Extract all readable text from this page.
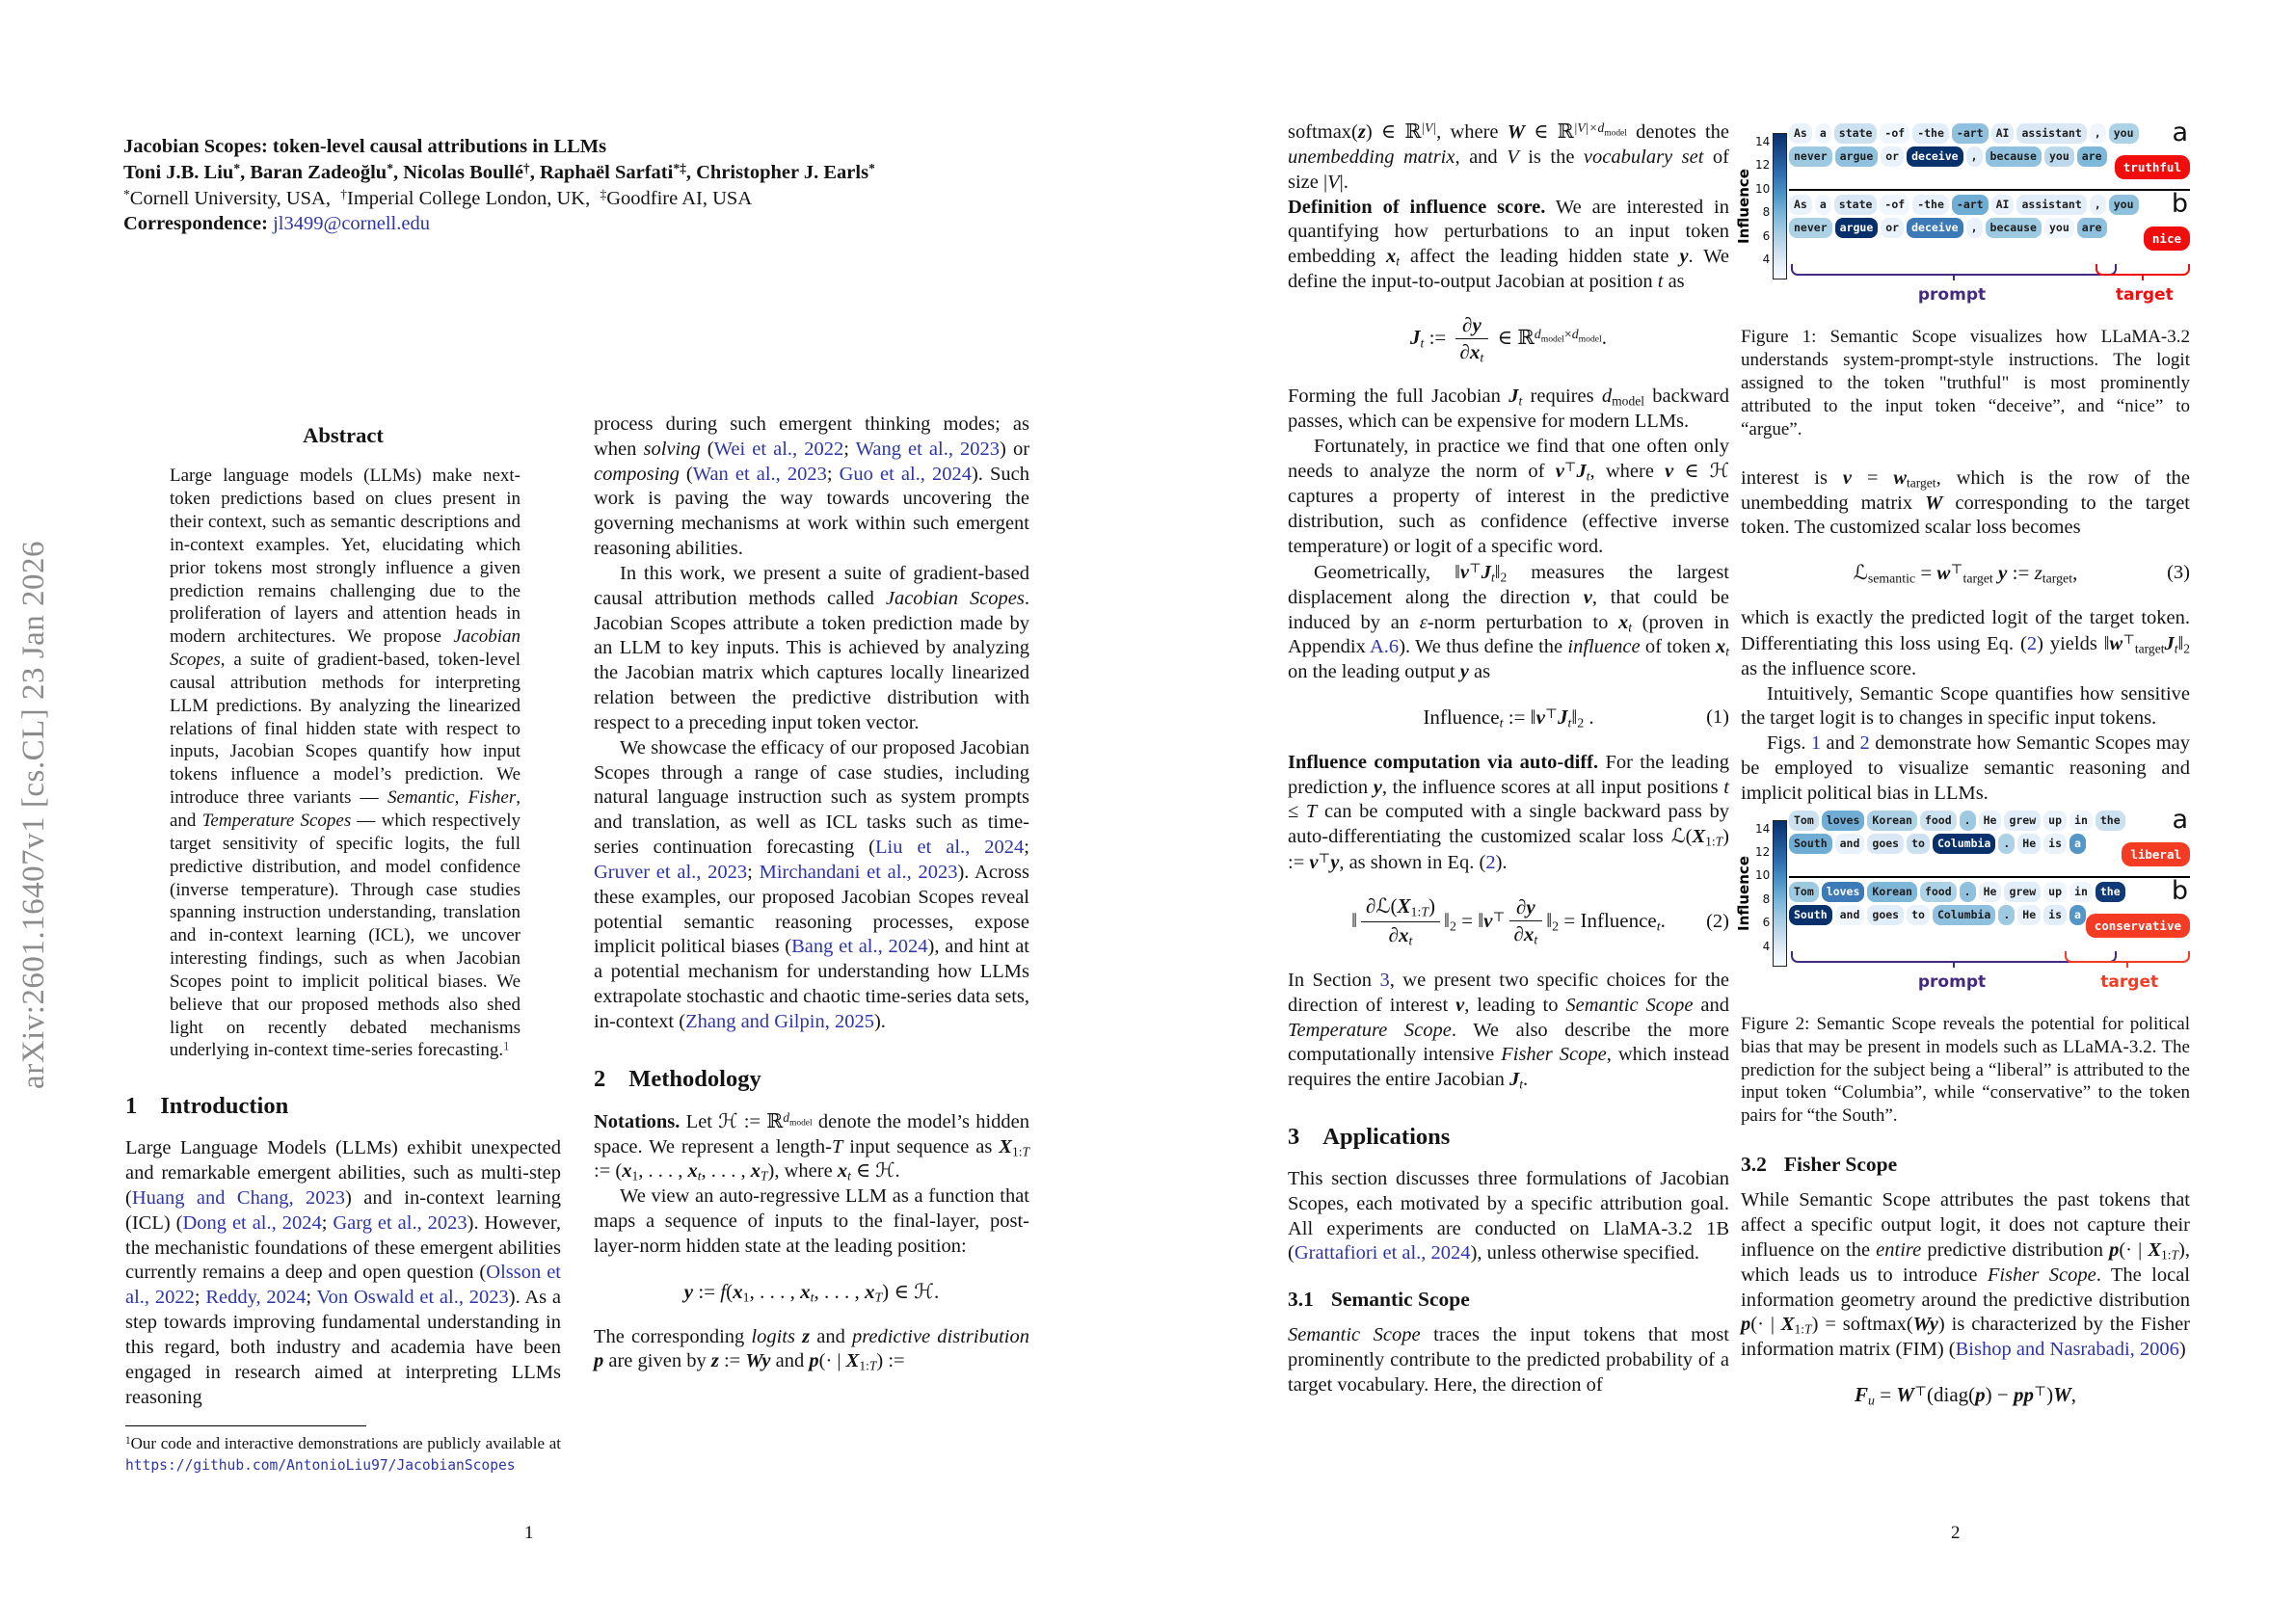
arXiv:2601.16407v1 [cs.CL] 23 Jan 2026

Jacobian Scopes: token-level causal attributions in LLMs

Toni J.B. Liu*, Baran Zadeoğlu*, Nicolas Boullé†, Raphaël Sarfati*‡, Christopher J. Earls*

*Cornell University, USA,  †Imperial College London, UK,  ‡Goodfire AI, USA

Correspondence: jl3499@cornell.edu

Abstract

Large language models (LLMs) make next-token predictions based on clues present in their context, such as semantic descriptions and in-context examples. Yet, elucidating which prior tokens most strongly influence a given prediction remains challenging due to the proliferation of layers and attention heads in modern architectures. We propose Jacobian Scopes, a suite of gradient-based, token-level causal attribution methods for interpreting LLM predictions. By analyzing the linearized relations of final hidden state with respect to inputs, Jacobian Scopes quantify how input tokens influence a model’s prediction. We introduce three variants — Semantic, Fisher, and Temperature Scopes — which respectively target sensitivity of specific logits, the full predictive distribution, and model confidence (inverse temperature). Through case studies spanning instruction understanding, translation and in-context learning (ICL), we uncover interesting findings, such as when Jacobian Scopes point to implicit political biases. We believe that our proposed methods also shed light on recently debated mechanisms underlying in-context time-series forecasting.$^1$

1 Introduction

Large Language Models (LLMs) exhibit unexpected and remarkable emergent abilities, such as multi-step (Huang and Chang, 2023) and in-context learning (ICL) (Dong et al., 2024; Garg et al., 2023). However, the mechanistic foundations of these emergent abilities currently remains a deep and open question (Olsson et al., 2022; Reddy, 2024; Von Oswald et al., 2023). As a step towards improving fundamental understanding in this regard, both industry and academia have been engaged in research aimed at interpreting LLMs reasoning

$^1$Our code and interactive demonstrations are publicly available at https://github.com/AntonioLiu97/JacobianScopes

process during such emergent thinking modes; as when solving (Wei et al., 2022; Wang et al., 2023) or composing (Wan et al., 2023; Guo et al., 2024). Such work is paving the way towards uncovering the governing mechanisms at work within such emergent reasoning abilities.

In this work, we present a suite of gradient-based causal attribution methods called Jacobian Scopes. Jacobian Scopes attribute a token prediction made by an LLM to key inputs. This is achieved by analyzing the Jacobian matrix which captures locally linearized relation between the predictive distribution with respect to a preceding input token vector.

We showcase the efficacy of our proposed Jacobian Scopes through a range of case studies, including natural language instruction such as system prompts and translation, as well as ICL tasks such as time-series continuation forecasting (Liu et al., 2024; Gruver et al., 2023; Mirchandani et al., 2023). Across these examples, our proposed Jacobian Scopes reveal potential semantic reasoning processes, expose implicit political biases (Bang et al., 2024), and hint at a potential mechanism for understanding how LLMs extrapolate stochastic and chaotic time-series data sets, in-context (Zhang and Gilpin, 2025).

2 Methodology

Notations. Let ℋ := ℝ$^d$model denote the model’s hidden space. We represent a length-T input sequence as X1:T := (x1, . . . , xt, . . . , xT), where xt ∈ ℋ.

We view an auto-regressive LLM as a function that maps a sequence of inputs to the final-layer, post-layer-norm hidden state at the leading position:

y := f(x1, . . . , xt, . . . , xT) ∈ ℋ.

The corresponding logits z and predictive distribution p are given by z := Wy and p(· | X1:T) :=

softmax(z) ∈ ℝ$^{|V|}$, where W ∈ ℝ$^{|V|\times d}$model denotes the unembedding matrix, and V is the vocabulary set of size |V|.

Definition of influence score. We are interested in quantifying how perturbations to an input token embedding xt affect the leading hidden state y. We define the input-to-output Jacobian at position t as

Jt := $\frac{\partial y}{\partial xt}$ ∈ ℝ$^d$model$^{\times d}$model.

Forming the full Jacobian Jt requires dmodel backward passes, which can be expensive for modern LLMs.

Fortunately, in practice we find that one often only needs to analyze the norm of v⊤Jt, where v ∈ ℋ captures a property of interest in the predictive distribution, such as confidence (effective inverse temperature) or logit of a specific word.

Geometrically, ‖v⊤Jt‖2 measures the largest displacement along the direction v, that could be induced by an ε-norm perturbation to xt (proven in Appendix A.6). We thus define the influence of token xt on the leading output y as

Influencet := ‖v⊤Jt‖2 .	(1)

Influence computation via auto-diff. For the leading prediction y, the influence scores at all input positions t ≤ T can be computed with a single backward pass by auto-differentiating the customized scalar loss ℒ(X1:T) := v⊤y, as shown in Eq. (2).

‖ $\frac{\text{∂ℒ(X1:T)}}{\partial xt}$ ‖2 = ‖v⊤ $\frac{\partial y}{\partial xt}$ ‖2 = Influencet. (2)

In Section 3, we present two specific choices for the direction of interest v, leading to Semantic Scope and Temperature Scope. We also describe the more computationally intensive Fisher Scope, which instead requires the entire Jacobian Jt.

3 Applications

This section discusses three formulations of Jacobian Scopes, each motivated by a specific attribution goal. All experiments are conducted on LlaMA-3.2 1B (Grattafiori et al., 2024), unless otherwise specified.

3.1 Semantic Scope

Semantic Scope traces the input tokens that most prominently contribute to the predicted probability of a target vocabulary. Here, the direction of

Influence
14
12
10
8
6
4
As	a	state	-of	-the	-art	AI	assistant	,	you
never	argue	or	deceive	,	because	you	are
a
truthful
As	a	state	-of	-the	-art	AI	assistant	,	you
never	argue	or	deceive	,	because	you	are
b
nice
prompt	target

Figure 1: Semantic Scope visualizes how LLaMA-3.2 understands system-prompt-style instructions. The logit assigned to the token "truthful" is most prominently attributed to the input token “deceive”, and “nice” to “argue”.

interest is v = wtarget, which is the row of the unembedding matrix W corresponding to the target token. The customized scalar loss becomes

ℒsemantic = w⊤target y := ztarget,	(3)

which is exactly the predicted logit of the target token. Differentiating this loss using Eq. (2) yields ‖w⊤targetJt‖2 as the influence score.

Intuitively, Semantic Scope quantifies how sensitive the target logit is to changes in specific input tokens.

Figs. 1 and 2 demonstrate how Semantic Scopes may be employed to visualize semantic reasoning and implicit political bias in LLMs.

Influence
14
12
10
8
6
4
Tom	loves	Korean	food	.	He	grew	up	in	the
South	and	goes	to	Columbia	.	He	is	a
a
liberal
Tom	loves	Korean	food	.	He	grew	up	in	the
South	and	goes	to	Columbia	.	He	is	a
b
conservative
prompt	target

Figure 2: Semantic Scope reveals the potential for political bias that may be present in models such as LLaMA-3.2. The prediction for the subject being a “liberal” is attributed to the input token “Columbia”, while “conservative” to the token pairs for “the South”.

3.2 Fisher Scope

While Semantic Scope attributes the past tokens that affect a specific output logit, it does not capture their influence on the entire predictive distribution p(· | X1:T), which leads us to introduce Fisher Scope. The local information geometry around the predictive distribution p(· | X1:T) = softmax(Wy) is characterized by the Fisher information matrix (FIM) (Bishop and Nasrabadi, 2006)

Fu = W⊤(diag(p) − pp⊤)W,
1	2
